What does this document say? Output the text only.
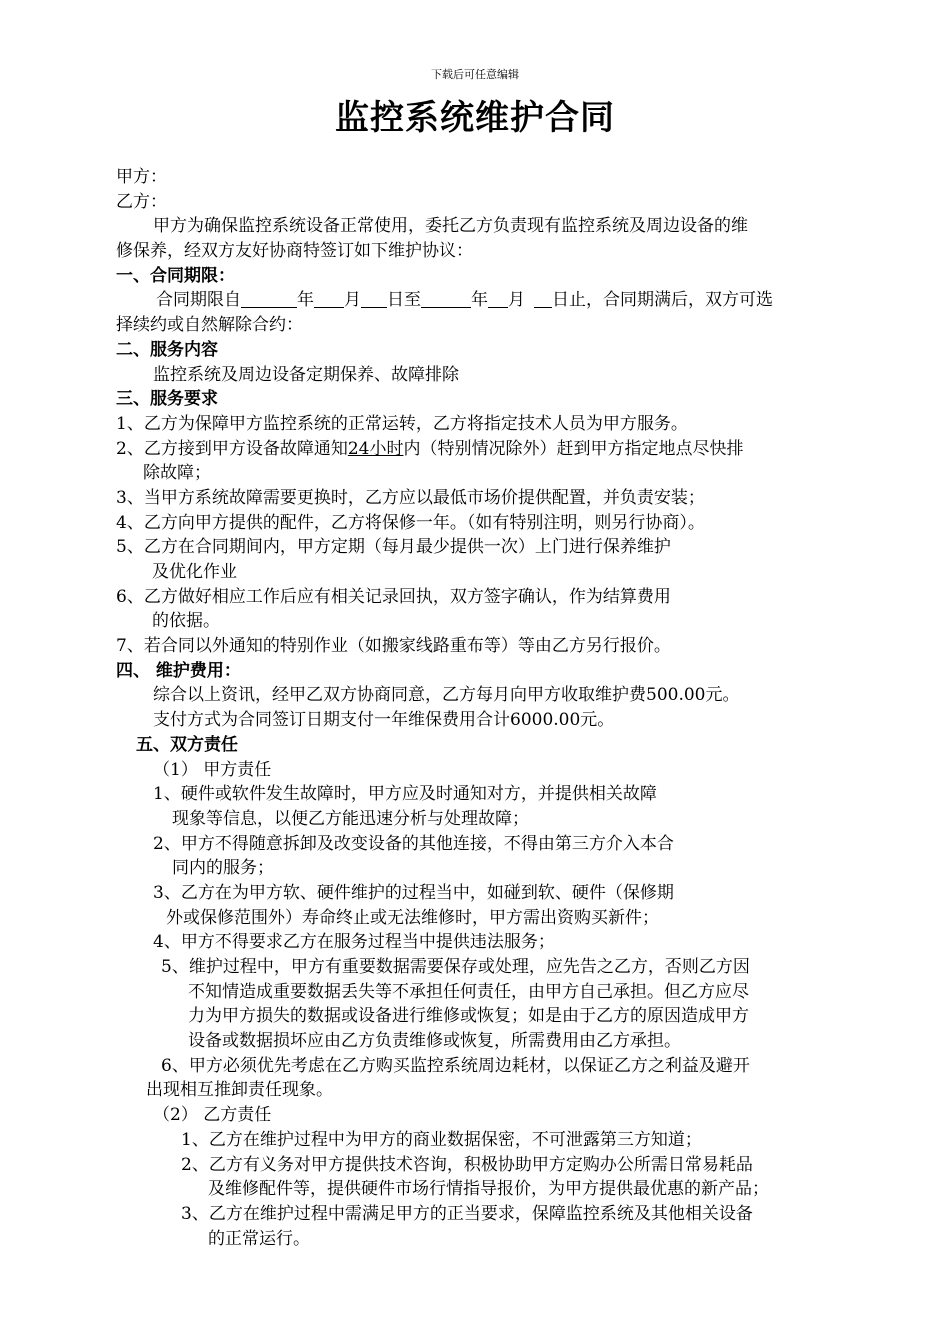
下载后可任意编辑
监控系统维护合同
甲方：
乙方：
甲方为确保监控系统设备正常使用，委托乙方负责现有监控系统及周边设备的维
修保养，经双方友好协商特签订如下维护协议：
一、合同期限：
合同期限自	年 月 日至	年 月 日止，合同期满后，双方可选
择续约或自然解除合约：
二、服务内容
监控系统及周边设备定期保养、故障排除
三、服务要求
1、乙方为保障甲方监控系统的正常运转，乙方将指定技术人员为甲方服务。
2、乙方接到甲方设备故障通知24小时内（特别情况除外）赶到甲方指定地点尽快排
除故障；
3、当甲方系统故障需要更换时，乙方应以最低市场价提供配置，并负责安装；
4、乙方向甲方提供的配件，乙方将保修一年。（如有特别注明，则另行协商）。
5、乙方在合同期间内，甲方定期（每月最少提供一次）上门进行保养维护
及优化作业
6、乙方做好相应工作后应有相关记录回执，双方签字确认，作为结算费用
的依据。
7、若合同以外通知的特别作业（如搬家线路重布等）等由乙方另行报价。
四、 维护费用：
综合以上资讯，经甲乙双方协商同意，乙方每月向甲方收取维护费500.00元。
支付方式为合同签订日期支付一年维保费用合计6000.00元。
五、双方责任
（1） 甲方责任
1、硬件或软件发生故障时，甲方应及时通知对方，并提供相关故障
现象等信息，以便乙方能迅速分析与处理故障；
2、甲方不得随意拆卸及改变设备的其他连接，不得由第三方介入本合
同内的服务；
3、乙方在为甲方软、硬件维护的过程当中，如碰到软、硬件（保修期
外或保修范围外）寿命终止或无法维修时，甲方需出资购买新件；
4、甲方不得要求乙方在服务过程当中提供违法服务；
5、维护过程中，甲方有重要数据需要保存或处理，应先告之乙方，否则乙方因
不知情造成重要数据丢失等不承担任何责任，由甲方自己承担。但乙方应尽
力为甲方损失的数据或设备进行维修或恢复；如是由于乙方的原因造成甲方
设备或数据损坏应由乙方负责维修或恢复，所需费用由乙方承担。
6、甲方必须优先考虑在乙方购买监控系统周边耗材，以保证乙方之利益及避开
出现相互推卸责任现象。
（2） 乙方责任
1、乙方在维护过程中为甲方的商业数据保密，不可泄露第三方知道；
2、乙方有义务对甲方提供技术咨询，积极协助甲方定购办公所需日常易耗品
及维修配件等，提供硬件市场行情指导报价，为甲方提供最优惠的新产品；
3、乙方在维护过程中需满足甲方的正当要求，保障监控系统及其他相关设备
的正常运行。
